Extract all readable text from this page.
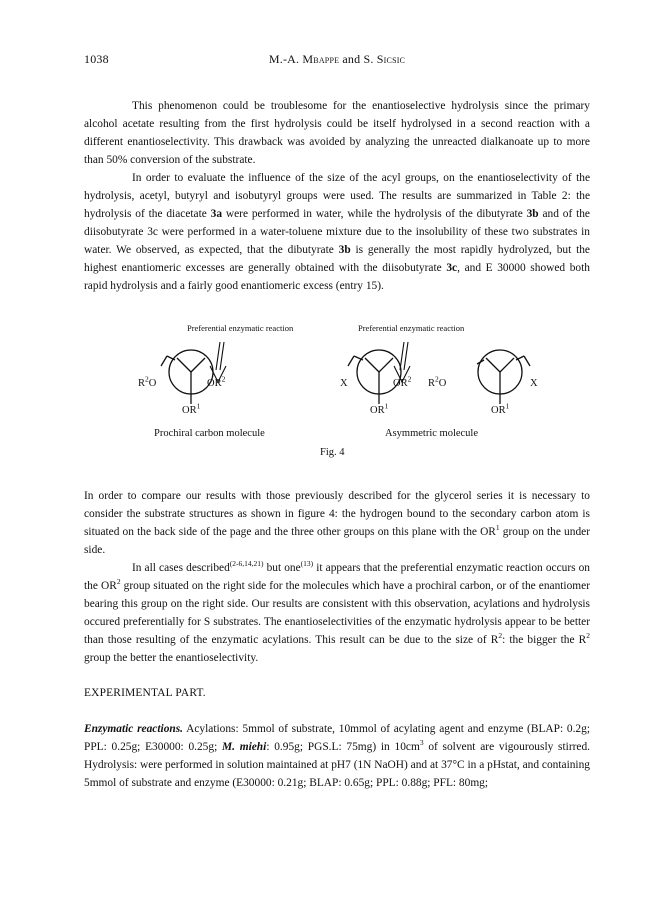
1038	M.-A. Mbappe and S. Sicsic

This phenomenon could be troublesome for the enantioselective hydrolysis since the primary alcohol acetate resulting from the first hydrolysis could be itself hydrolysed in a second reaction with a different enantioselectivity. This drawback was avoided by analyzing the unreacted dialkanoate up to more than 50% conversion of the substrate.

In order to evaluate the influence of the size of the acyl groups, on the enantioselectivity of the hydrolysis, acetyl, butyryl and isobutyryl groups were used. The results are summarized in Table 2: the hydrolysis of the diacetate 3a were performed in water, while the hydrolysis of the dibutyrate 3b and of the diisobutyrate 3c were performed in a water-toluene mixture due to the insolubility of these two substrates in water. We observed, as expected, that the dibutyrate 3b is generally the most rapidly hydrolyzed, but the highest enantiomeric excesses are generally obtained with the diisobutyrate 3c, and E 30000 showed both rapid hydrolysis and a fairly good enantiomeric excess (entry 15).

Preferential enzymatic reaction	Preferential enzymatic reaction
$R^2O$	$OR^2$
$OR^1$
X	$OR^2$
$OR^1$
$R^2O$	X
$OR^1$
Prochiral carbon molecule	Asymmetric molecule
Fig. 4

In order to compare our results with those previously described for the glycerol series it is necessary to consider the substrate structures as shown in figure 4: the hydrogen bound to the secondary carbon atom is situated on the back side of the page and the three other groups on this plane with the $OR^1$ group on the under side.

In all cases described$^{(2-6,14,21)}$ but one$^{(13)}$ it appears that the preferential enzymatic reaction occurs on the $OR^2$ group situated on the right side for the molecules which have a prochiral carbon, or of the enantiomer bearing this group on the right side. Our results are consistent with this observation, acylations and hydrolysis occured preferentially for S substrates. The enantioselectivities of the enzymatic hydrolysis appear to be better than those resulting of the enzymatic acylations. This result can be due to the size of $R^2$: the bigger the $R^2$ group the better the enantioselectivity.

EXPERIMENTAL PART.

Enzymatic reactions. Acylations: 5mmol of substrate, 10mmol of acylating agent and enzyme (BLAP: 0.2g; PPL: 0.25g; E30000: 0.25g; M. miehi: 0.95g; PGS.L: 75mg) in $10cm^3$ of solvent are vigourously stirred. Hydrolysis: were performed in solution maintained at pH7 (1N NaOH) and at 37°C in a pHstat, and containing 5mmol of substrate and enzyme (E30000: 0.21g; BLAP: 0.65g; PPL: 0.88g; PFL: 80mg;
